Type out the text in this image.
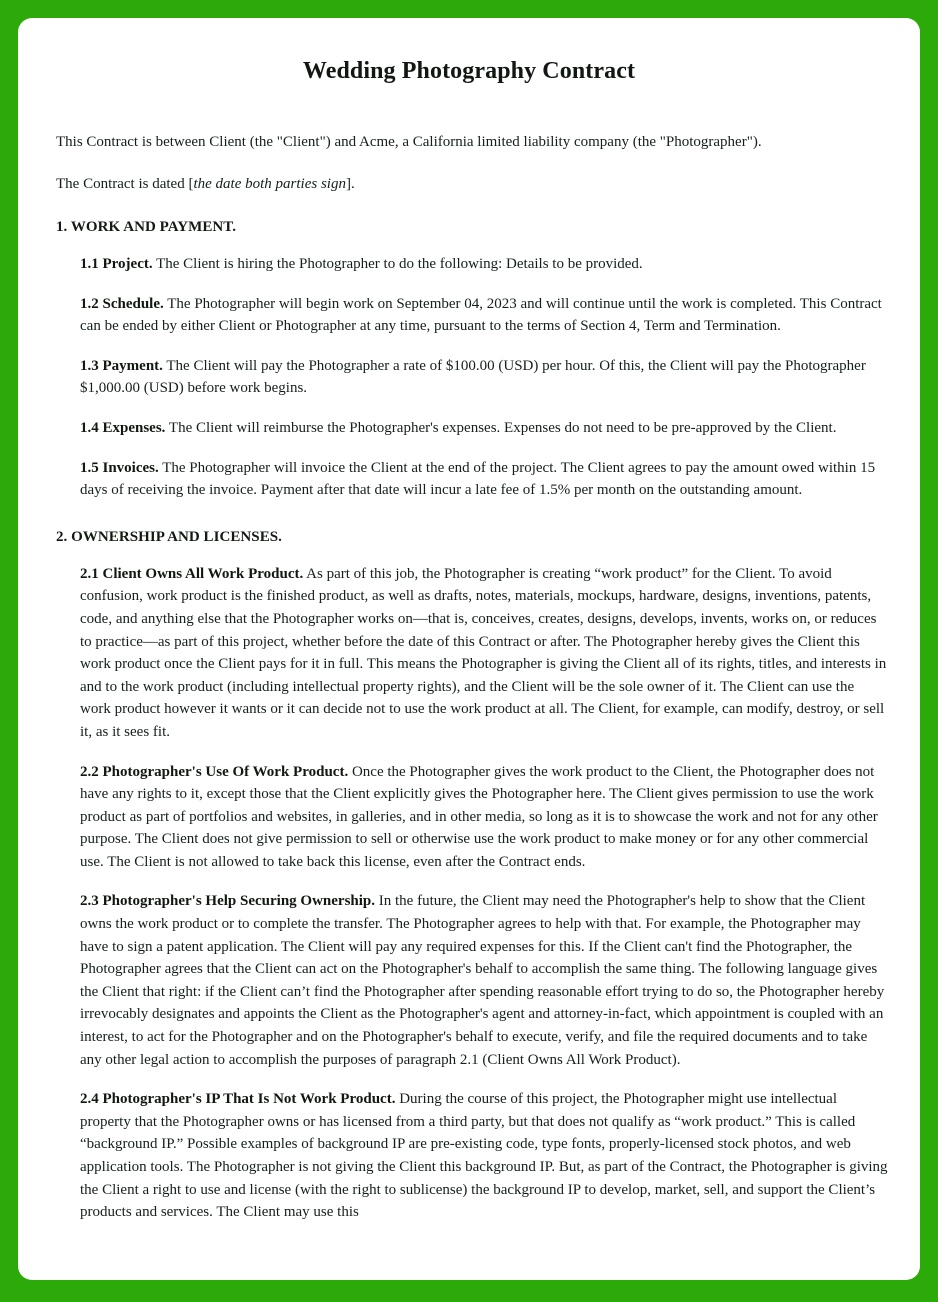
Wedding Photography Contract

This Contract is between Client (the "Client") and Acme, a California limited liability company (the "Photographer").

The Contract is dated [the date both parties sign].

1. WORK AND PAYMENT.

1.1 Project. The Client is hiring the Photographer to do the following: Details to be provided.

1.2 Schedule. The Photographer will begin work on September 04, 2023 and will continue until the work is completed. This Contract can be ended by either Client or Photographer at any time, pursuant to the terms of Section 4, Term and Termination.

1.3 Payment. The Client will pay the Photographer a rate of $100.00 (USD) per hour. Of this, the Client will pay the Photographer $1,000.00 (USD) before work begins.

1.4 Expenses. The Client will reimburse the Photographer's expenses. Expenses do not need to be pre-approved by the Client.

1.5 Invoices. The Photographer will invoice the Client at the end of the project. The Client agrees to pay the amount owed within 15 days of receiving the invoice. Payment after that date will incur a late fee of 1.5% per month on the outstanding amount.

2. OWNERSHIP AND LICENSES.

2.1 Client Owns All Work Product. As part of this job, the Photographer is creating “work product” for the Client. To avoid confusion, work product is the finished product, as well as drafts, notes, materials, mockups, hardware, designs, inventions, patents, code, and anything else that the Photographer works on—that is, conceives, creates, designs, develops, invents, works on, or reduces to practice—as part of this project, whether before the date of this Contract or after. The Photographer hereby gives the Client this work product once the Client pays for it in full. This means the Photographer is giving the Client all of its rights, titles, and interests in and to the work product (including intellectual property rights), and the Client will be the sole owner of it. The Client can use the work product however it wants or it can decide not to use the work product at all. The Client, for example, can modify, destroy, or sell it, as it sees fit.

2.2 Photographer's Use Of Work Product. Once the Photographer gives the work product to the Client, the Photographer does not have any rights to it, except those that the Client explicitly gives the Photographer here. The Client gives permission to use the work product as part of portfolios and websites, in galleries, and in other media, so long as it is to showcase the work and not for any other purpose. The Client does not give permission to sell or otherwise use the work product to make money or for any other commercial use. The Client is not allowed to take back this license, even after the Contract ends.

2.3 Photographer's Help Securing Ownership. In the future, the Client may need the Photographer's help to show that the Client owns the work product or to complete the transfer. The Photographer agrees to help with that. For example, the Photographer may have to sign a patent application. The Client will pay any required expenses for this. If the Client can't find the Photographer, the Photographer agrees that the Client can act on the Photographer's behalf to accomplish the same thing. The following language gives the Client that right: if the Client can’t find the Photographer after spending reasonable effort trying to do so, the Photographer hereby irrevocably designates and appoints the Client as the Photographer's agent and attorney-in-fact, which appointment is coupled with an interest, to act for the Photographer and on the Photographer's behalf to execute, verify, and file the required documents and to take any other legal action to accomplish the purposes of paragraph 2.1 (Client Owns All Work Product).

2.4 Photographer's IP That Is Not Work Product. During the course of this project, the Photographer might use intellectual property that the Photographer owns or has licensed from a third party, but that does not qualify as “work product.” This is called “background IP.” Possible examples of background IP are pre-existing code, type fonts, properly-licensed stock photos, and web application tools. The Photographer is not giving the Client this background IP. But, as part of the Contract, the Photographer is giving the Client a right to use and license (with the right to sublicense) the background IP to develop, market, sell, and support the Client’s products and services. The Client may use this
